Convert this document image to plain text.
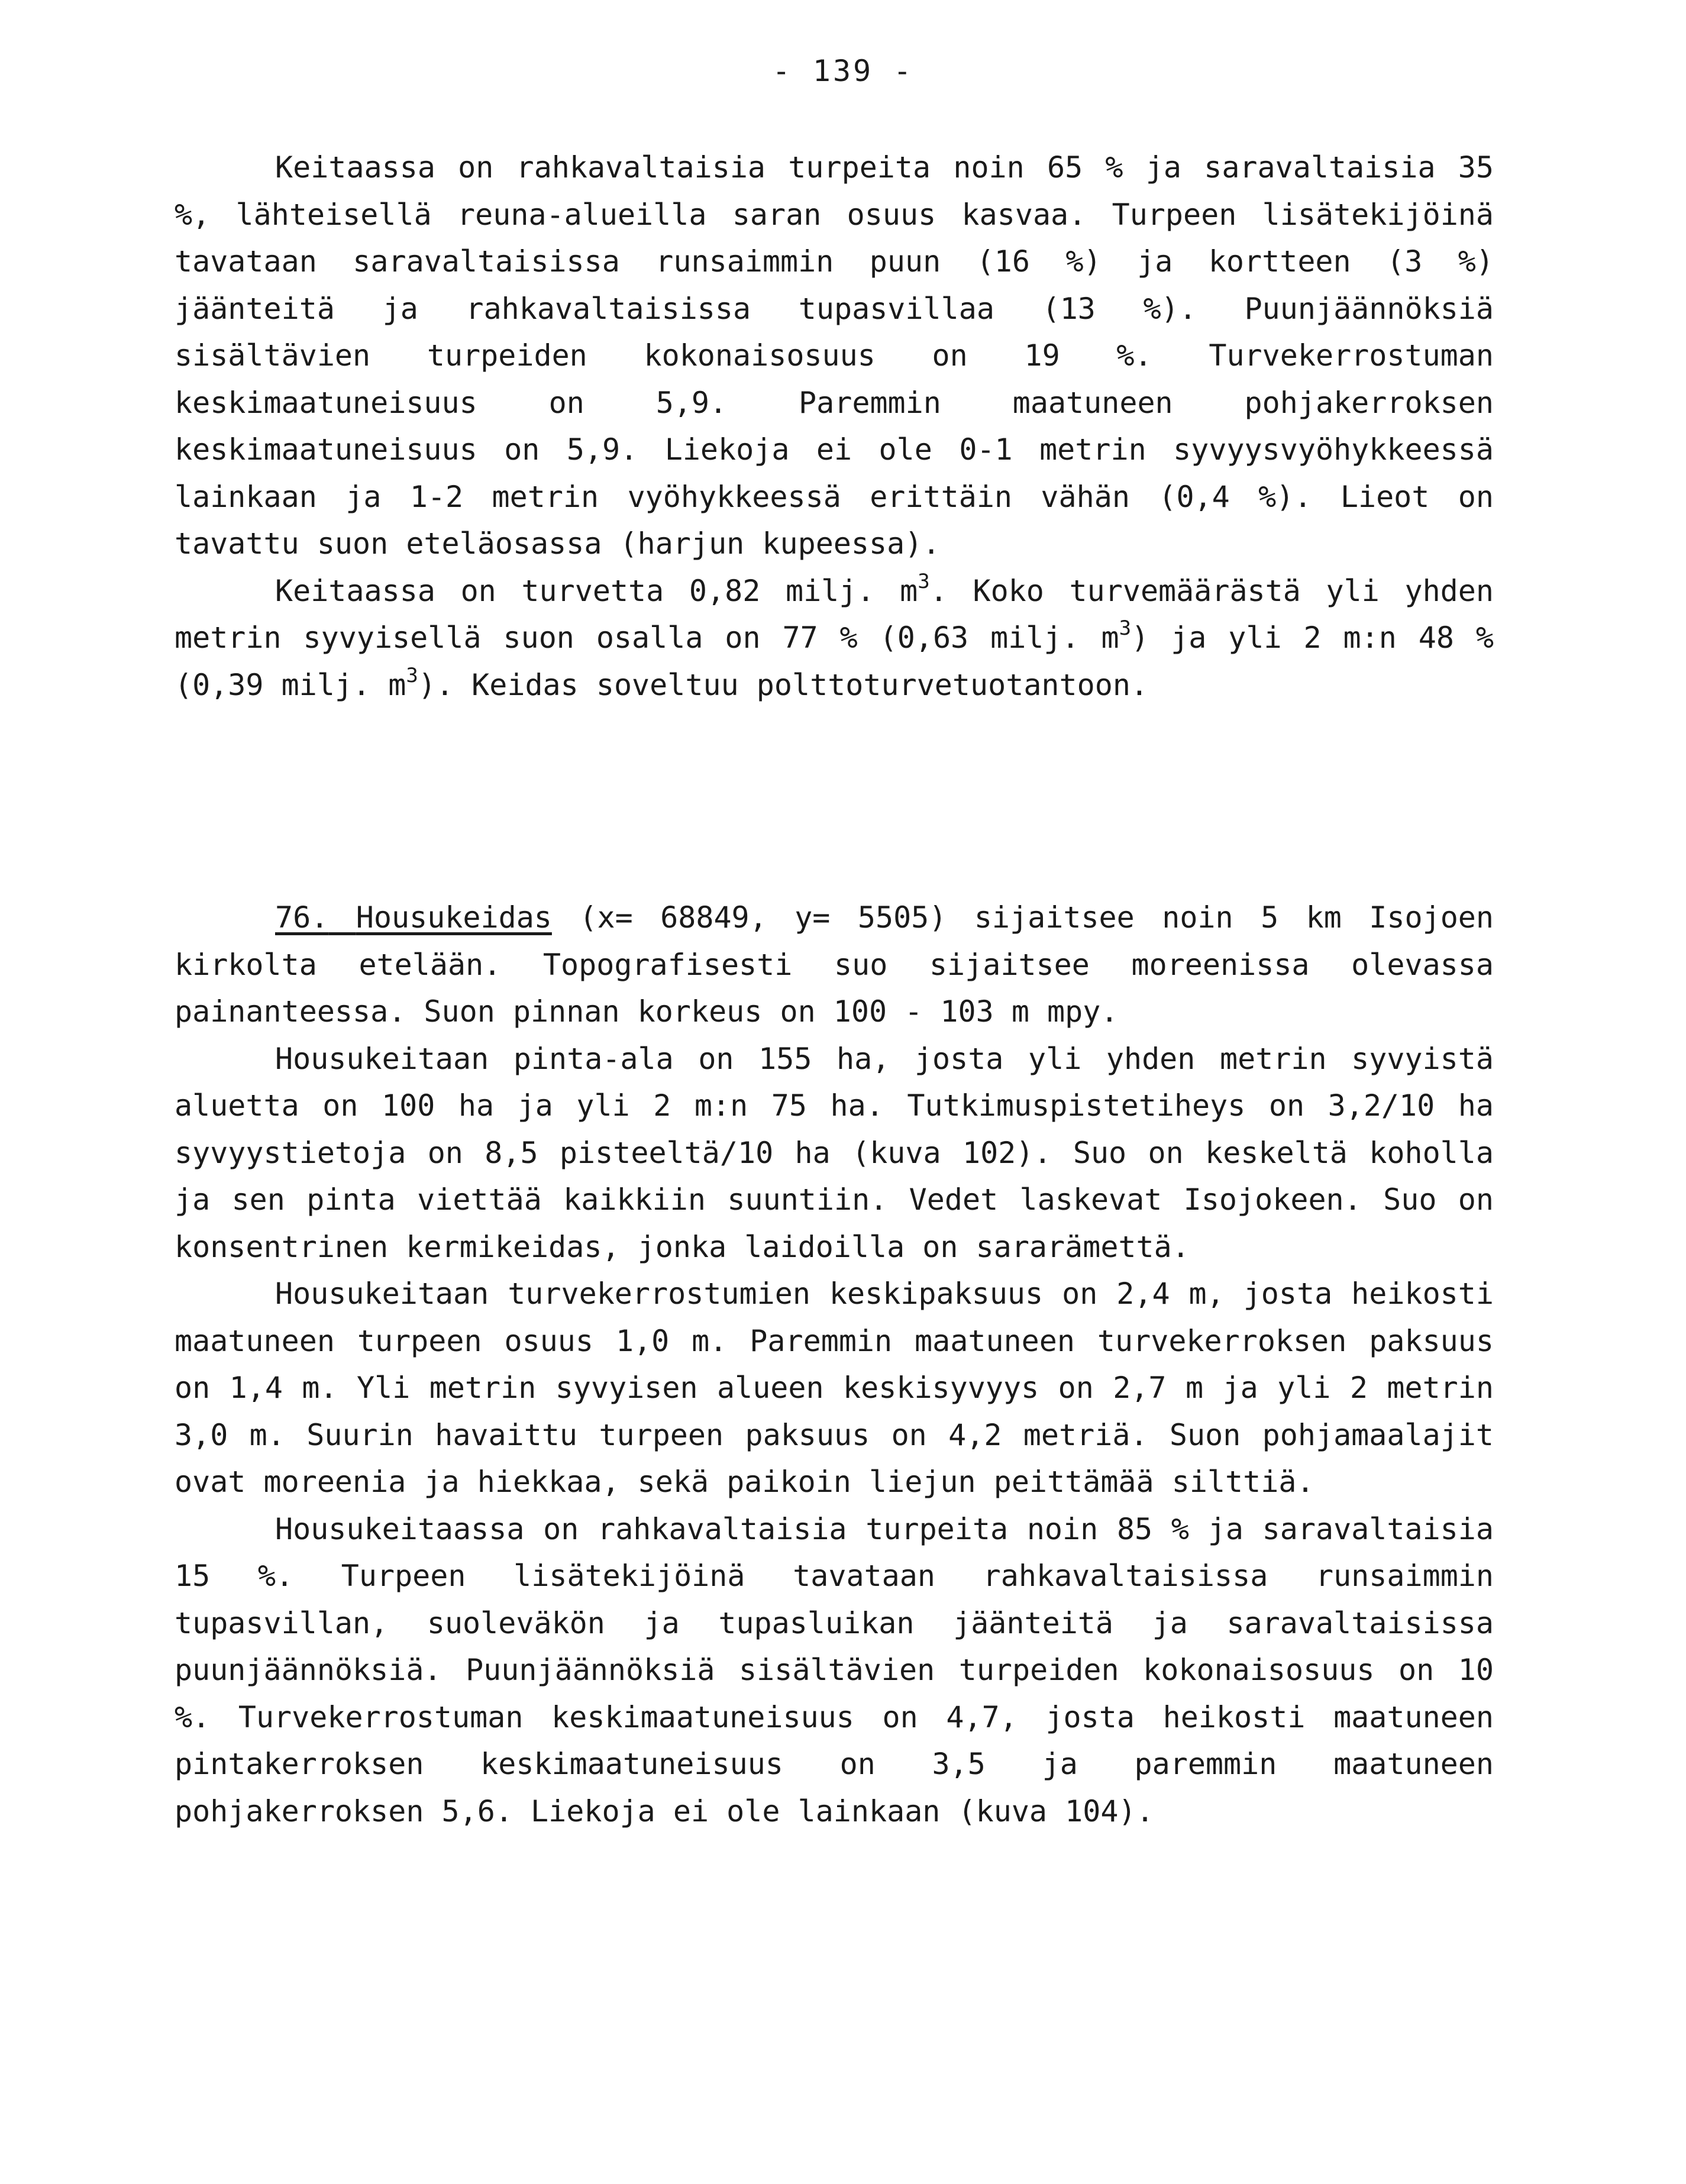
- 139 -

Keitaassa on rahkavaltaisia turpeita noin 65 % ja saravaltaisia 35 %, lähteisellä reuna-alueilla saran osuus kasvaa. Turpeen lisätekijöinä tavataan saravaltaisissa runsaimmin puun (16 %) ja kortteen (3 %) jäänteitä ja rahkavaltaisissa tupasvillaa (13 %). Puunjäännöksiä sisältävien turpeiden kokonaisosuus on 19 %. Turvekerrostuman keskimaatuneisuus on 5,9. Paremmin maatuneen pohjakerroksen keskimaatuneisuus on 5,9. Liekoja ei ole 0-1 metrin syvyysvyöhykkeessä lainkaan ja 1-2 metrin vyöhykkeessä erittäin vähän (0,4 %). Lieot on tavattu suon eteläosassa (harjun kupeessa).

Keitaassa on turvetta 0,82 milj. $m^3$. Koko turvemäärästä yli yhden metrin syvyisellä suon osalla on 77 % (0,63 milj. $m^3$) ja yli 2 m:n 48 % (0,39 milj. $m^3$). Keidas soveltuu polttoturvetuotantoon.

76. Housukeidas (x= 68849, y= 5505) sijaitsee noin 5 km Isojoen kirkolta etelään. Topografisesti suo sijaitsee moreenissa olevassa painanteessa. Suon pinnan korkeus on 100 - 103 m mpy.

Housukeitaan pinta-ala on 155 ha, josta yli yhden metrin syvyistä aluetta on 100 ha ja yli 2 m:n 75 ha. Tutkimuspistetiheys on 3,2/10 ha syvyystietoja on 8,5 pisteeltä/10 ha (kuva 102). Suo on keskeltä koholla ja sen pinta viettää kaikkiin suuntiin. Vedet laskevat Isojokeen. Suo on konsentrinen kermikeidas, jonka laidoilla on sararämettä.

Housukeitaan turvekerrostumien keskipaksuus on 2,4 m, josta heikosti maatuneen turpeen osuus 1,0 m. Paremmin maatuneen turvekerroksen paksuus on 1,4 m. Yli metrin syvyisen alueen keskisyvyys on 2,7 m ja yli 2 metrin 3,0 m. Suurin havaittu turpeen paksuus on 4,2 metriä. Suon pohjamaalajit ovat moreenia ja hiekkaa, sekä paikoin liejun peittämää silttiä.

Housukeitaassa on rahkavaltaisia turpeita noin 85 % ja saravaltaisia 15 %. Turpeen lisätekijöinä tavataan rahkavaltaisissa runsaimmin tupasvillan, suoleväkön ja tupasluikan jäänteitä ja saravaltaisissa puunjäännöksiä. Puunjäännöksiä sisältävien turpeiden kokonaisosuus on 10 %. Turvekerrostuman keskimaatuneisuus on 4,7, josta heikosti maatuneen pintakerroksen keskimaatuneisuus on 3,5 ja paremmin maatuneen pohjakerroksen 5,6. Liekoja ei ole lainkaan (kuva 104).
